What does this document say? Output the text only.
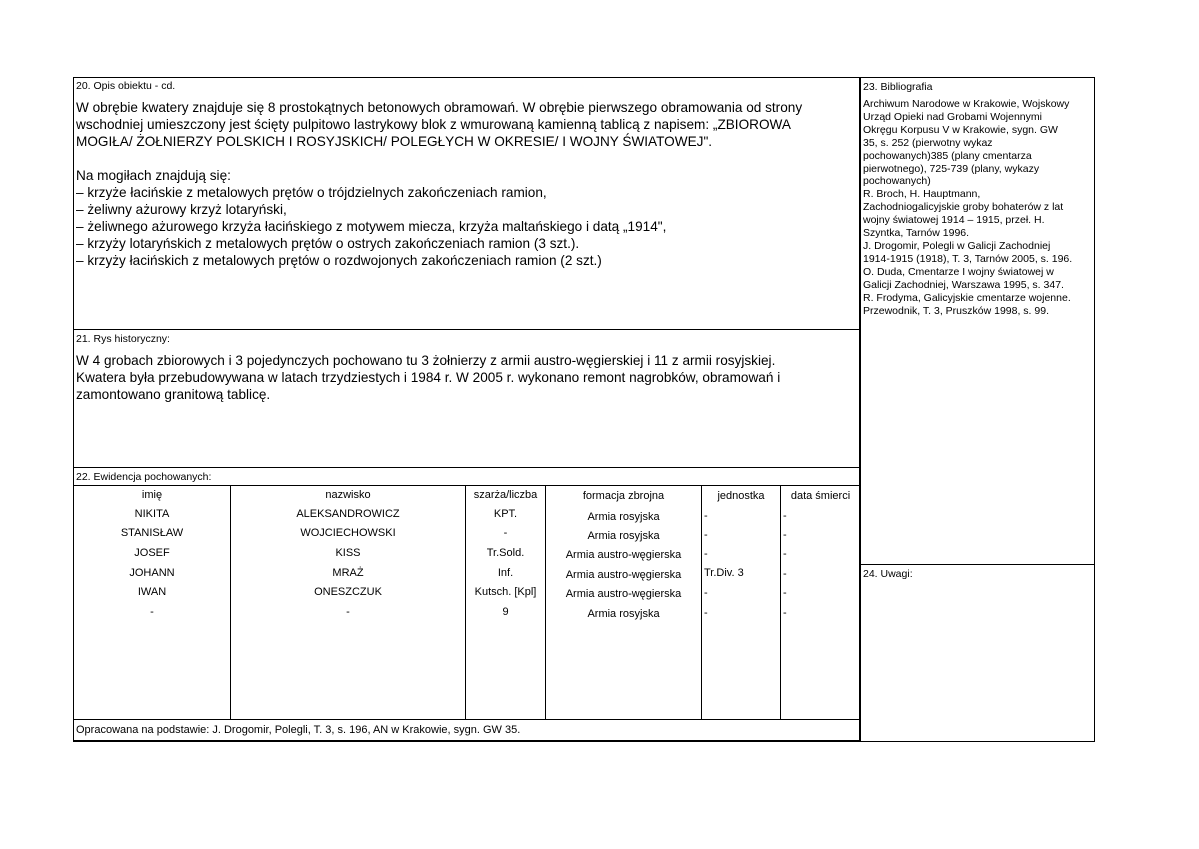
20. Opis obiektu - cd.
W obrębie kwatery znajduje się 8 prostokątnych betonowych obramowań. W obrębie pierwszego obramowania od strony
wschodniej umieszczony jest ścięty pulpitowo lastrykowy blok z wmurowaną kamienną tablicą z napisem: „ZBIOROWA
MOGIŁA/ ŻOŁNIERZY POLSKICH I ROSYJSKICH/ POLEGŁYCH W OKRESIE/ I WOJNY ŚWIATOWEJ".

Na mogiłach znajdują się:
– krzyże łacińskie z metalowych prętów o trójdzielnych zakończeniach ramion,
– żeliwny ażurowy krzyż lotaryński,
– żeliwnego ażurowego krzyża łacińskiego z motywem miecza, krzyża maltańskiego i datą „1914",
– krzyży lotaryńskich z metalowych prętów o ostrych zakończeniach ramion (3 szt.).
– krzyży łacińskich z metalowych prętów o rozdwojonych zakończeniach ramion (2 szt.)
21. Rys historyczny:
W 4 grobach zbiorowych i 3 pojedynczych pochowano tu 3 żołnierzy z armii austro-węgierskiej i 11 z armii rosyjskiej.
Kwatera była przebudowywana w latach trzydziestych i 1984 r. W 2005 r. wykonano remont nagrobków, obramowań i
zamontowano granitową tablicę.
22. Ewidencja pochowanych:
imię	nazwisko	szarża/liczba	formacja zbrojna	jednostka	data śmierci
NIKITA	ALEKSANDROWICZ	KPT.	Armia rosyjska	-	-
STANISŁAW	WOJCIECHOWSKI	-	Armia rosyjska	-	-
JOSEF	KISS	Tr.Sold.	Armia austro-węgierska	-	-
JOHANN	MRAŻ	Inf.	Armia austro-węgierska	Tr.Div. 3	-
IWAN	ONESZCZUK	Kutsch. [Kpl]	Armia austro-węgierska	-	-
-	-	9	Armia rosyjska	-	-
Opracowana na podstawie: J. Drogomir, Polegli, T. 3, s. 196, AN w Krakowie, sygn. GW 35.
23. Bibliografia
Archiwum Narodowe w Krakowie, Wojskowy
Urząd Opieki nad Grobami Wojennymi
Okręgu Korpusu V w Krakowie, sygn. GW
35, s. 252 (pierwotny wykaz
pochowanych)385 (plany cmentarza
pierwotnego), 725-739 (plany, wykazy
pochowanych)
R. Broch, H. Hauptmann,
Zachodniogalicyjskie groby bohaterów z lat
wojny światowej 1914 – 1915, przeł. H.
Szyntka, Tarnów 1996.
J. Drogomir, Polegli w Galicji Zachodniej
1914-1915 (1918), T. 3, Tarnów 2005, s. 196.
O. Duda, Cmentarze I wojny światowej w
Galicji Zachodniej, Warszawa 1995, s. 347.
R. Frodyma, Galicyjskie cmentarze wojenne.
Przewodnik, T. 3, Pruszków 1998, s. 99.
24. Uwagi:
